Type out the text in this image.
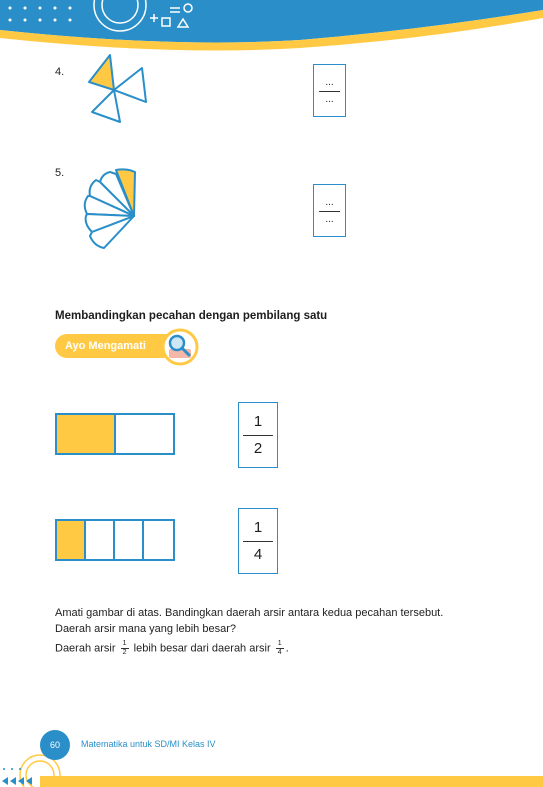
4.
...
...
5.
...
...
Membandingkan pecahan dengan pembilang satu
Ayo Mengamati
1
2
1
4
Amati gambar di atas. Bandingkan daerah arsir antara kedua pecahan tersebut.
Daerah arsir mana yang lebih besar?
Daerah arsir $\frac{1}{2}$ lebih besar dari daerah arsir $\frac{1}{4}$ .
60 Matematika untuk SD/MI Kelas IV
